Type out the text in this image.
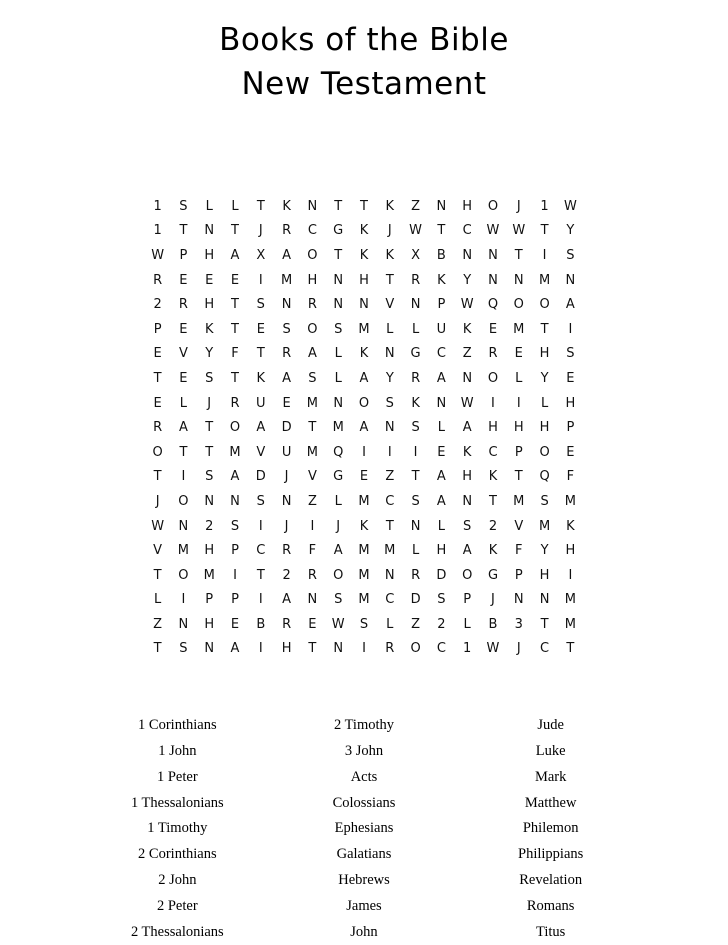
Books of the Bible
New Testament
1	S	L	L	T	K	N	T	T	K	Z	N	H	O	J	1	W
1	T	N	T	J	R	C	G	K	J	W	T	C	W W	T	Y
W	P	H	A	X	A	O	T	K	K	X	B	N	N	T	I	S
R	E	E	E	I	M	H	N	H	T	R	K	Y	N	N	M	N
2	R	H	T	S	N	R	N	N	V	N	P	W	Q	O	O	A
P	E	K	T	E	S	O	S	M	L	L	U	K	E	M	T	I
E	V	Y	F	T	R	A	L	K	N	G	C	Z	R	E	H	S
T	E	S	T	K	A	S	L	A	Y	R	A	N	O	L	Y	E
E	L	J	R	U	E	M	N	O	S	K	N	W	I	I	L	H
R	A	T	O	A	D	T	M	A	N	S	L	A	H	H	H	P
O	T	T	M	V	U	M	Q	I	I	I	E	K	C	P	O	E
T	I	S	A	D	J	V	G	E	Z	T	A	H	K	T	Q	F
J	O	N	N	S	N	Z	L	M	C	S	A	N	T	M	S	M
W	N	2	S	I	J	I	J	K	T	N	L	S	2	V	M	K
V	M	H	P	C	R	F	A	M	M	L	H	A	K	F	Y	H
T	O	M	I	T	2	R	O	M	N	R	D	O	G	P	H	I
L	I	P	P	I	A	N	S	M	C	D	S	P	J	N	N	M
Z	N	H	E	B	R	E	W	S	L	Z	2	L	B	3	T	M
T	S	N	A	I	H	T	N	I	R	O	C	1	W	J	C	T
1 Corinthians	2 Timothy	Jude
1 John	3 John	Luke
1 Peter	Acts	Mark
1 Thessalonians	Colossians	Matthew
1 Timothy	Ephesians	Philemon
2 Corinthians	Galatians	Philippians
2 John	Hebrews	Revelation
2 Peter	James	Romans
2 Thessalonians	John	Titus
